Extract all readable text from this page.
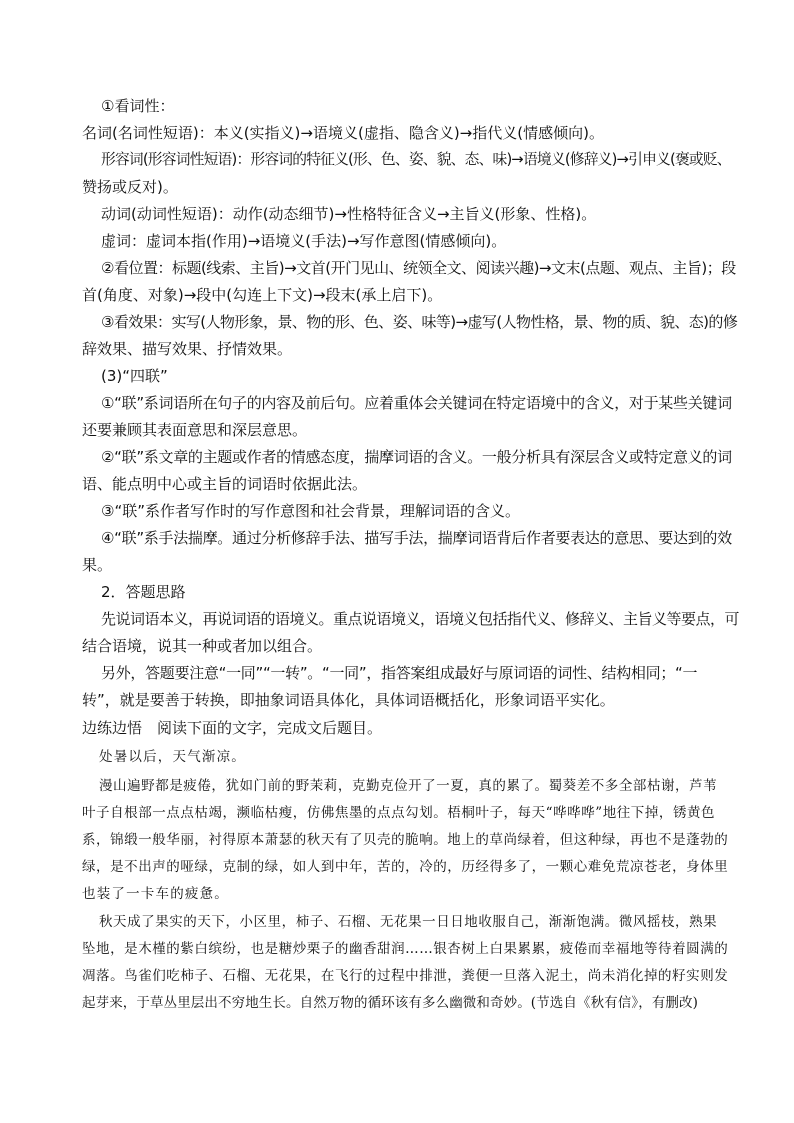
①看词性：
名词(名词性短语)：本义(实指义)→语境义(虚指、隐含义)→指代义(情感倾向)。
形容词(形容词性短语)：形容词的特征义(形、色、姿、貌、态、味)→语境义(修辞义)→引申义(褒或贬、
赞扬或反对)。
动词(动词性短语)：动作(动态细节)→性格特征含义→主旨义(形象、性格)。
虚词：虚词本指(作用)→语境义(手法)→写作意图(情感倾向)。
②看位置：标题(线索、主旨)→文首(开门见山、统领全文、阅读兴趣)→文末(点题、观点、主旨)；段
首(角度、对象)→段中(勾连上下文)→段末(承上启下)。
③看效果：实写(人物形象，景、物的形、色、姿、味等)→虚写(人物性格，景、物的质、貌、态)的修
辞效果、描写效果、抒情效果。
(3)“四联”
①“联”系词语所在句子的内容及前后句。应着重体会关键词在特定语境中的含义，对于某些关键词
还要兼顾其表面意思和深层意思。
②“联”系文章的主题或作者的情感态度，揣摩词语的含义。一般分析具有深层含义或特定意义的词
语、能点明中心或主旨的词语时依据此法。
③“联”系作者写作时的写作意图和社会背景，理解词语的含义。
④“联”系手法揣摩。通过分析修辞手法、描写手法，揣摩词语背后作者要表达的意思、要达到的效
果。
2．答题思路
先说词语本义，再说词语的语境义。重点说语境义，语境义包括指代义、修辞义、主旨义等要点，可
结合语境，说其一种或者加以组合。
另外，答题要注意“一同”“一转”。“一同”，指答案组成最好与原词语的词性、结构相同；“一
转”，就是要善于转换，即抽象词语具体化，具体词语概括化，形象词语平实化。
边练边悟　阅读下面的文字，完成文后题目。
处暑以后，天气渐凉。
漫山遍野都是疲倦，犹如门前的野茉莉，克勤克俭开了一夏，真的累了。蜀葵差不多全部枯谢，芦苇
叶子自根部一点点枯竭，濒临枯瘦，仿佛焦墨的点点勾划。梧桐叶子，每天“哗哗哗”地往下掉，锈黄色
系，锦缎一般华丽，衬得原本萧瑟的秋天有了贝壳的脆响。地上的草尚绿着，但这种绿，再也不是蓬勃的
绿，是不出声的哑绿，克制的绿，如人到中年，苦的，冷的，历经得多了，一颗心难免荒凉苍老，身体里
也装了一卡车的疲惫。
秋天成了果实的天下，小区里，柿子、石榴、无花果一日日地收服自己，渐渐饱满。微风摇枝，熟果
坠地，是木槿的紫白缤纷，也是糖炒栗子的幽香甜润……银杏树上白果累累，疲倦而幸福地等待着圆满的
凋落。鸟雀们吃柿子、石榴、无花果，在飞行的过程中排泄，粪便一旦落入泥土，尚未消化掉的籽实则发
起芽来，于草丛里层出不穷地生长。自然万物的循环该有多么幽微和奇妙。(节选自《秋有信》，有删改)
